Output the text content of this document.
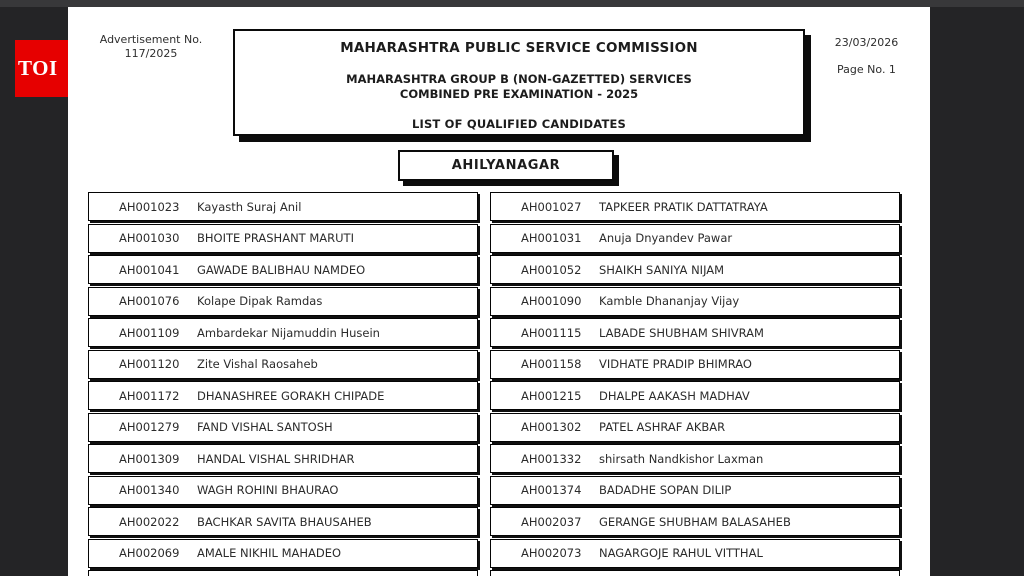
TOI
Advertisement No.
117/2025	MAHARASHTRA PUBLIC SERVICE COMMISSION
MAHARASHTRA GROUP B (NON-GAZETTED) SERVICES
COMBINED PRE EXAMINATION - 2025
LIST OF QUALIFIED CANDIDATES
23/03/2026
Page No. 1
AHILYANAGAR
AH001023	Kayasth Suraj Anil
AH001030	BHOITE PRASHANT MARUTI
AH001041	GAWADE BALIBHAU NAMDEO
AH001076	Kolape Dipak Ramdas
AH001109	Ambardekar Nijamuddin Husein
AH001120	Zite Vishal Raosaheb
AH001172	DHANASHREE GORAKH CHIPADE
AH001279	FAND VISHAL SANTOSH
AH001309	HANDAL VISHAL SHRIDHAR
AH001340	WAGH ROHINI BHAURAO
AH002022	BACHKAR SAVITA BHAUSAHEB
AH002069	AMALE NIKHIL MAHADEO
AH001027	TAPKEER PRATIK DATTATRAYA
AH001031	Anuja Dnyandev Pawar
AH001052	SHAIKH SANIYA NIJAM
AH001090	Kamble Dhananjay Vijay
AH001115	LABADE SHUBHAM SHIVRAM
AH001158	VIDHATE PRADIP BHIMRAO
AH001215	DHALPE AAKASH MADHAV
AH001302	PATEL ASHRAF AKBAR
AH001332	shirsath Nandkishor Laxman
AH001374	BADADHE SOPAN DILIP
AH002037	GERANGE SHUBHAM BALASAHEB
AH002073	NAGARGOJE RAHUL VITTHAL
